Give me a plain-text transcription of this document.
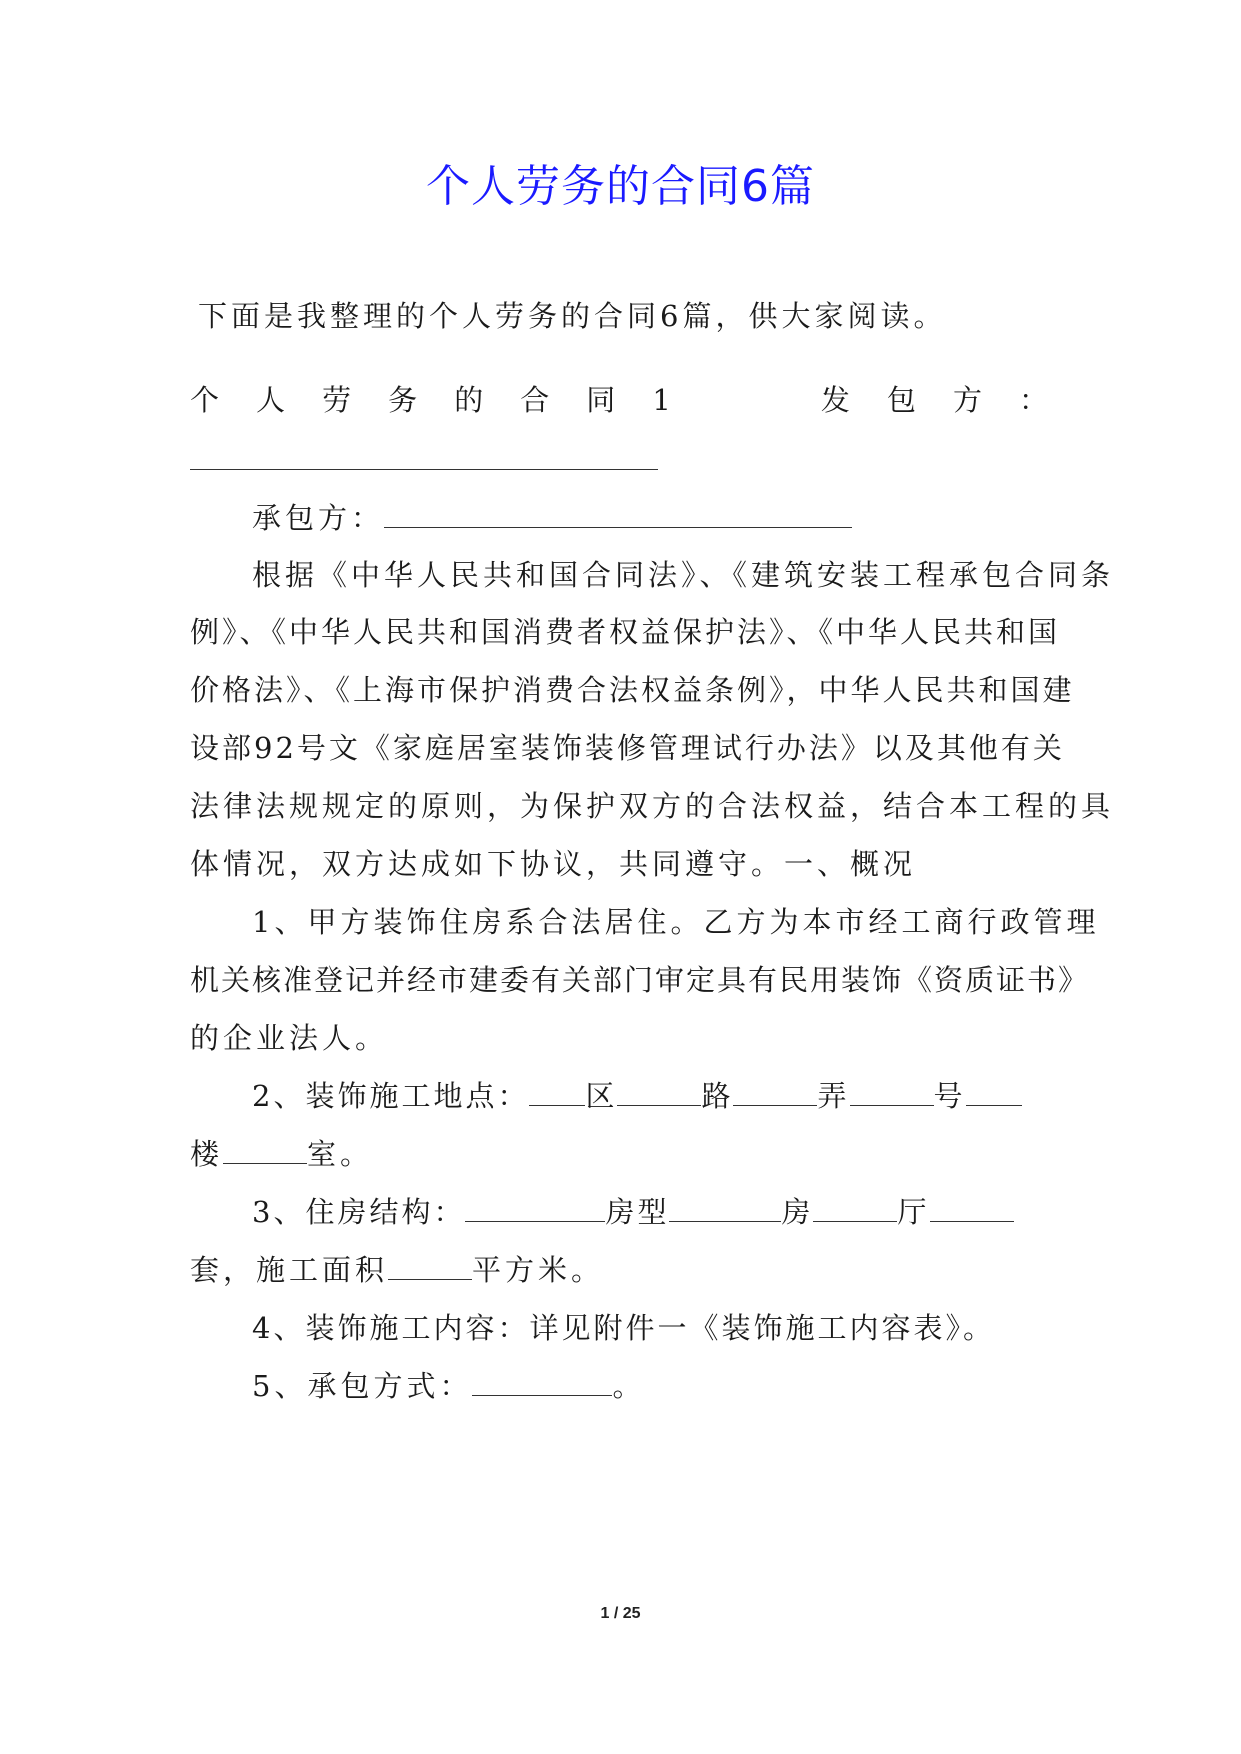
个人劳务的合同6篇
下面是我整理的个人劳务的合同6篇，供大家阅读。
个 人 劳 务 的 合 同 1	发 包 方 ：
承包方：
根据《中华人民共和国合同法》、《建筑安装工程承包合同条
例》、《中华人民共和国消费者权益保护法》、《中华人民共和国
价格法》、《上海市保护消费合法权益条例》，中华人民共和国建
设部92号文《家庭居室装饰装修管理试行办法》以及其他有关
法律法规规定的原则，为保护双方的合法权益，结合本工程的具
体情况，双方达成如下协议，共同遵守。一、概况
1、甲方装饰住房系合法居住。乙方为本市经工商行政管理
机关核准登记并经市建委有关部门审定具有民用装饰《资质证书》
的企业法人。
2、装饰施工地点： 区	路	弄	号
楼	室。
3、住房结构：	房型	房	厅
套，施工面积	平方米。
4、装饰施工内容：详见附件一《装饰施工内容表》。
5、承包方式：	。
1 / 25
